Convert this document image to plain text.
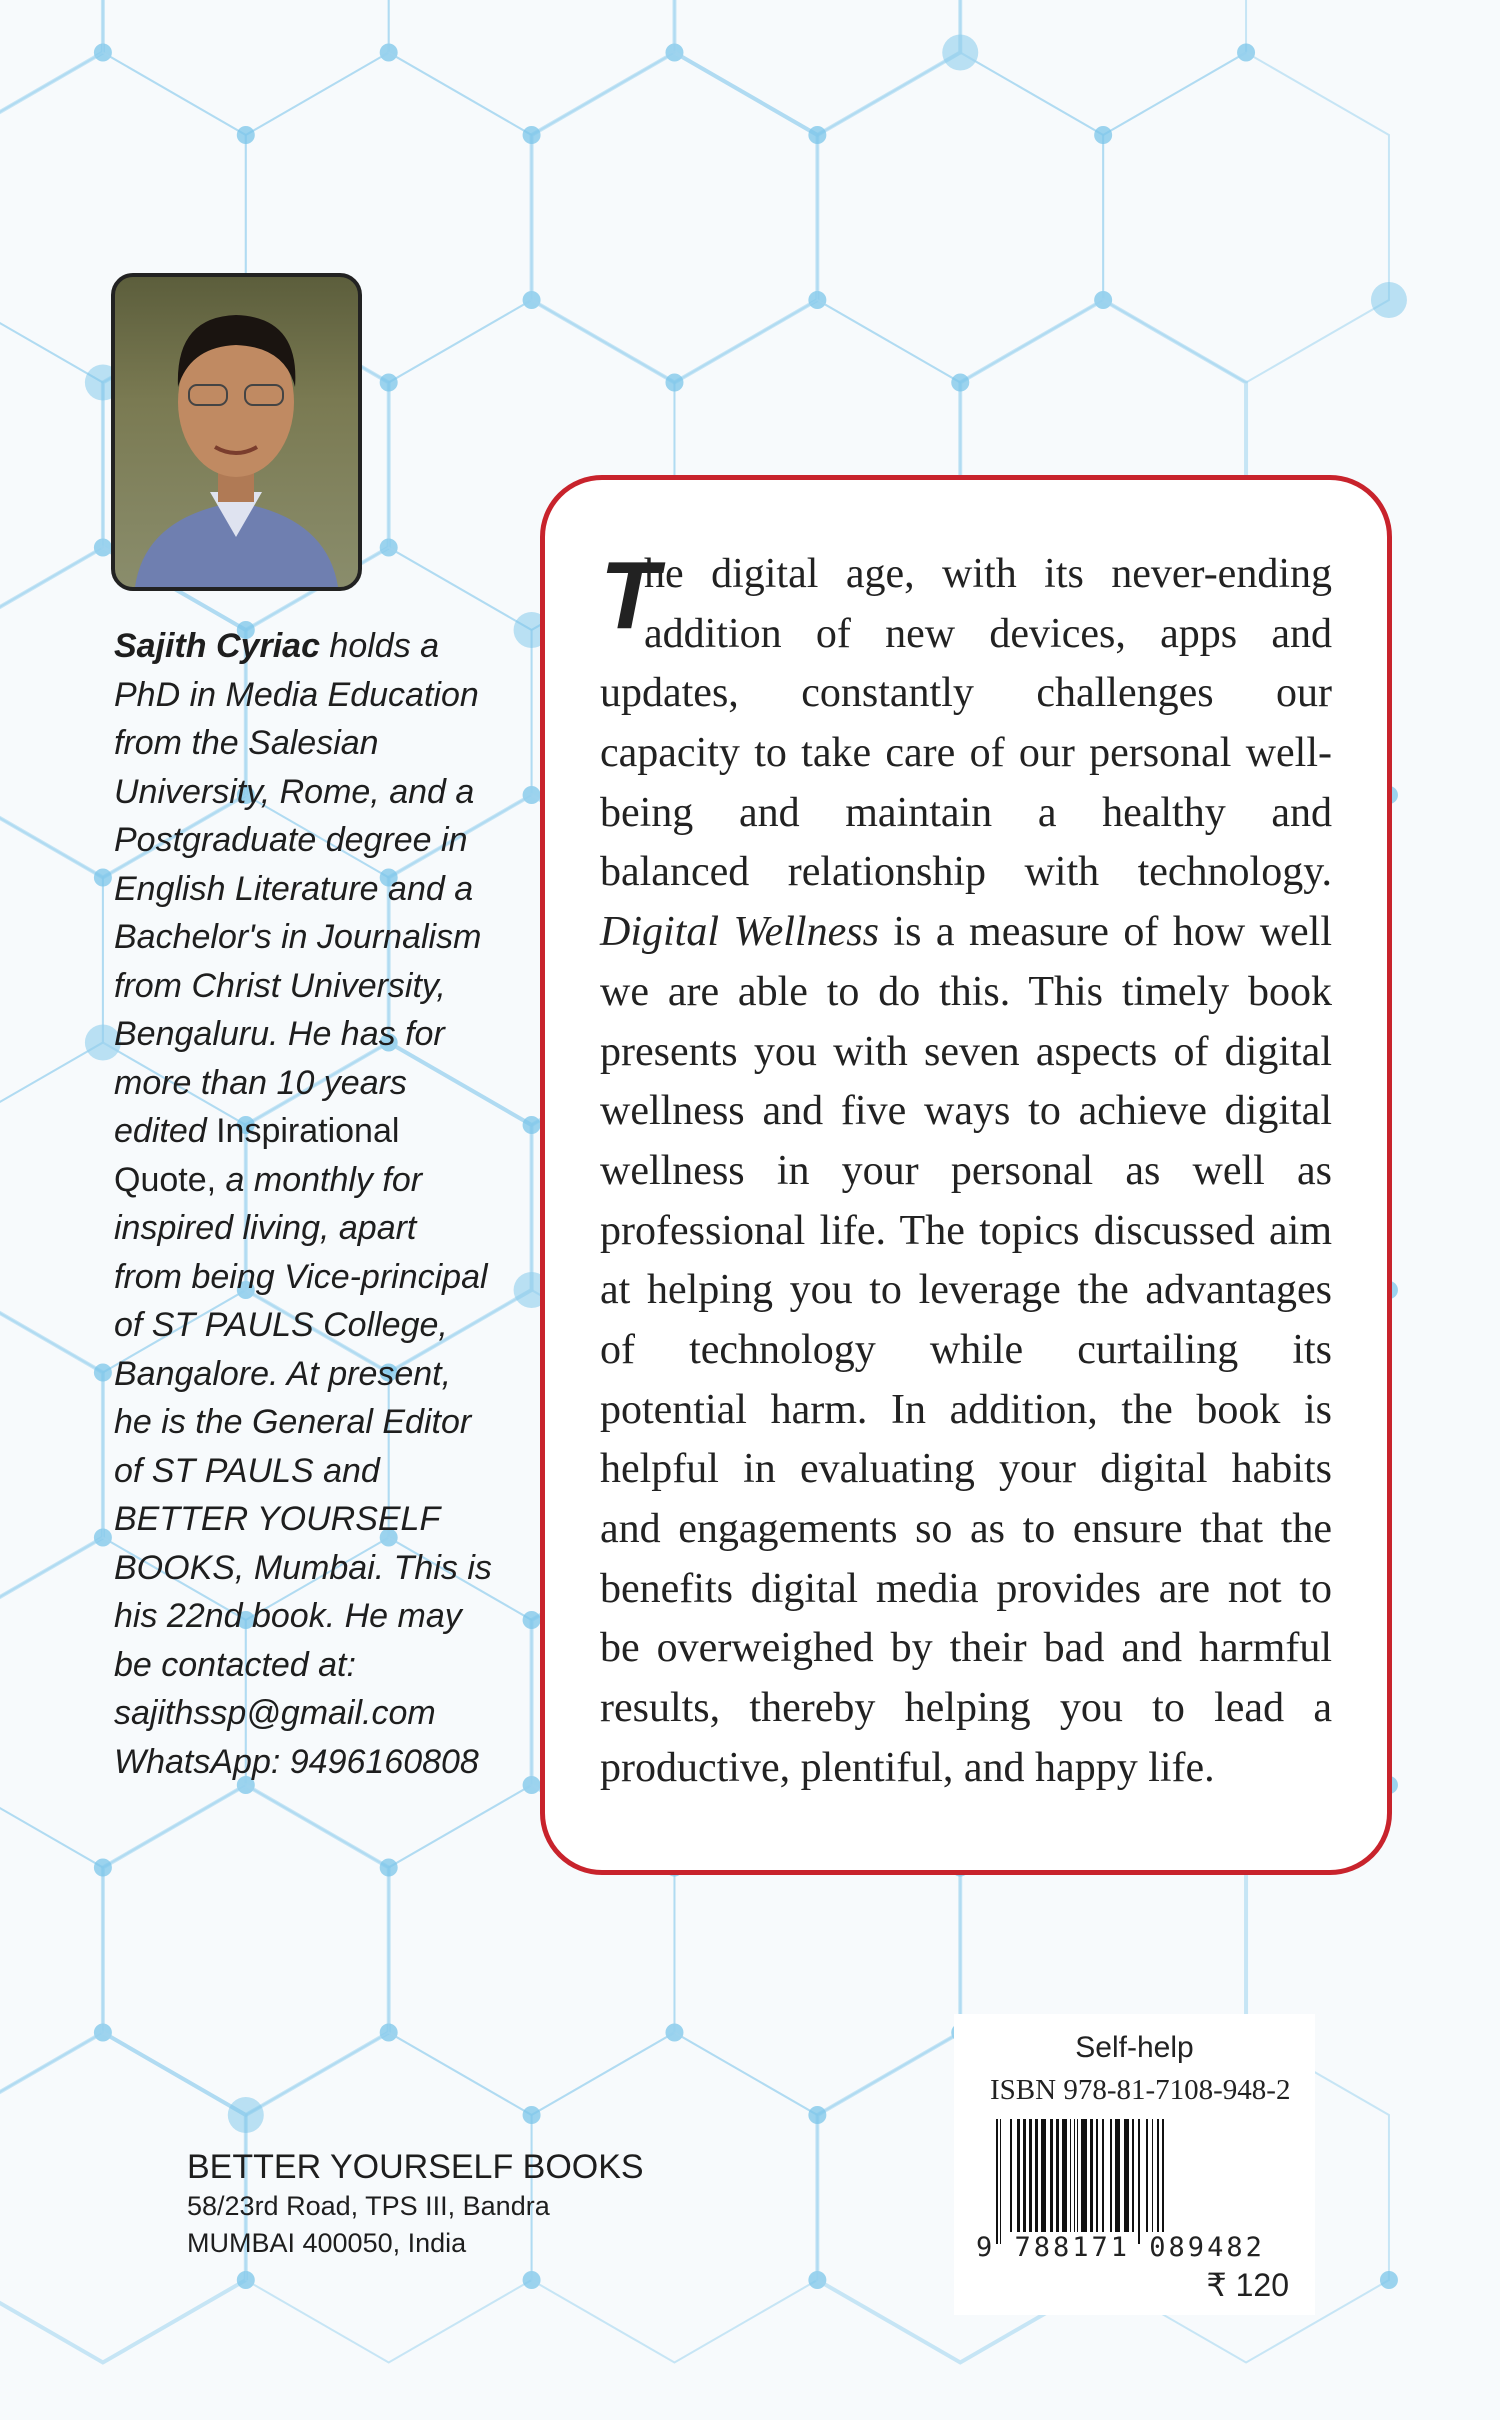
Sajith Cyriac holds a
PhD in Media Education
from the Salesian
University, Rome, and a
Postgraduate degree in
English Literature and a
Bachelor's in Journalism
from Christ University,
Bengaluru. He has for
more than 10 years
edited Inspirational
Quote, a monthly for
inspired living, apart
from being Vice-principal
of ST PAULS College,
Bangalore. At present,
he is the General Editor
of ST PAULS and
BETTER YOURSELF
BOOKS, Mumbai. This is
his 22nd book. He may
be contacted at:
sajithssp@gmail.com
WhatsApp: 9496160808
T
he digital age, with its never-ending
addition of new devices, apps and
updates, constantly challenges our
capacity to take care of our personal well-
being and maintain a healthy and
balanced relationship with technology.
Digital Wellness is a measure of how well
we are able to do this. This timely book
presents you with seven aspects of digital
wellness and five ways to achieve digital
wellness in your personal as well as
professional life. The topics discussed aim
at helping you to leverage the advantages
of technology while curtailing its
potential harm. In addition, the book is
helpful in evaluating your digital habits
and engagements so as to ensure that the
benefits digital media provides are not to
be overweighed by their bad and harmful
results, thereby helping you to lead a
productive, plentiful, and happy life.
BETTER YOURSELF BOOKS
58/23rd Road, TPS III, Bandra
MUMBAI 400050, India
Self-help
ISBN 978-81-7108-948-2
9 788171 089482
₹ 120
